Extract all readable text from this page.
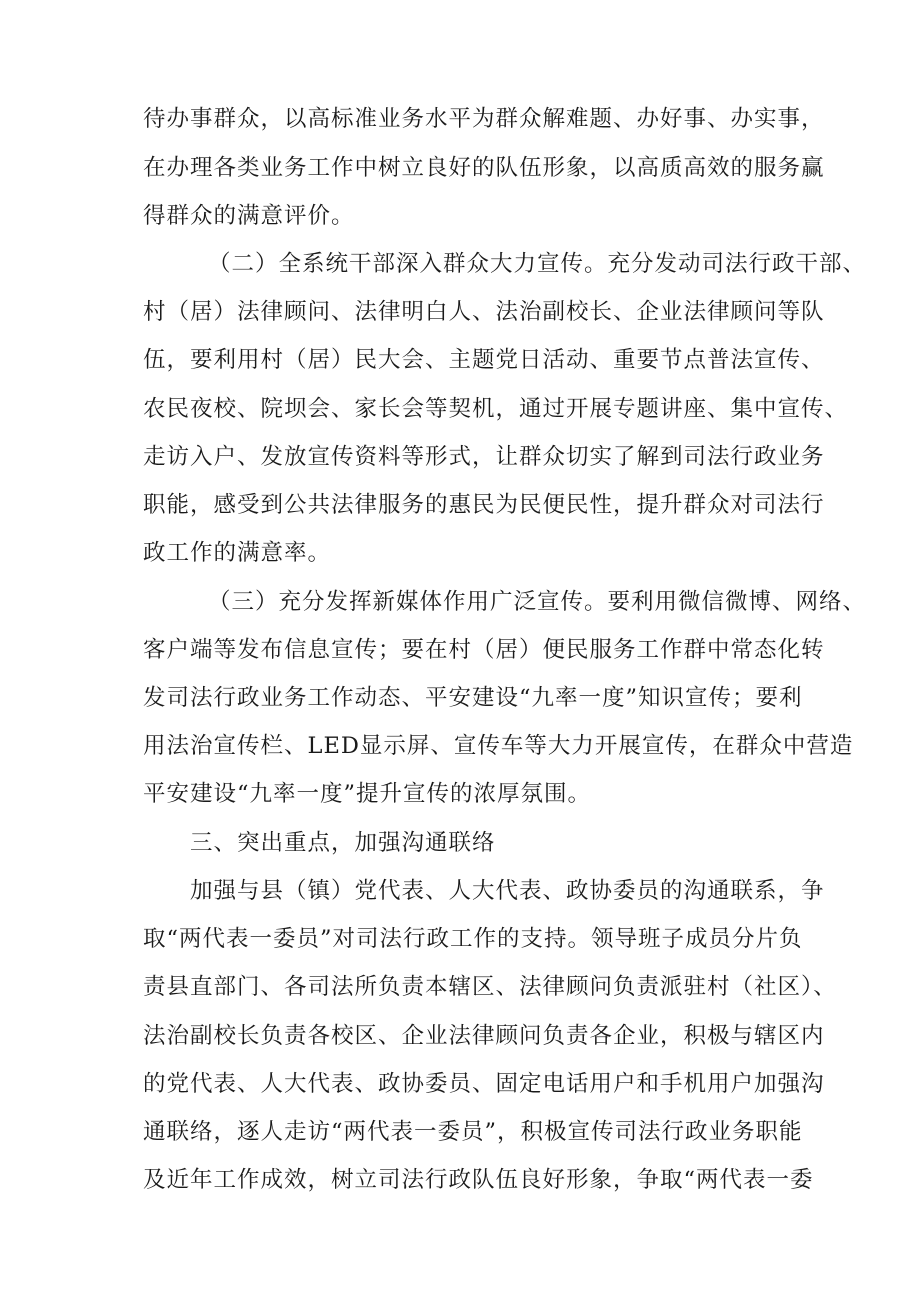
待办事群众，以高标准业务水平为群众解难题、办好事、办实事，
在办理各类业务工作中树立良好的队伍形象，以高质高效的服务赢
得群众的满意评价。
（二）全系统干部深入群众大力宣传。充分发动司法行政干部、
村（居）法律顾问、法律明白人、法治副校长、企业法律顾问等队
伍，要利用村（居）民大会、主题党日活动、重要节点普法宣传、
农民夜校、院坝会、家长会等契机，通过开展专题讲座、集中宣传、
走访入户、发放宣传资料等形式，让群众切实了解到司法行政业务
职能，感受到公共法律服务的惠民为民便民性，提升群众对司法行
政工作的满意率。
（三）充分发挥新媒体作用广泛宣传。要利用微信微博、网络、
客户端等发布信息宣传；要在村（居）便民服务工作群中常态化转
发司法行政业务工作动态、平安建设“九率一度”知识宣传；要利
用法治宣传栏、LED显示屏、宣传车等大力开展宣传，在群众中营造
平安建设“九率一度”提升宣传的浓厚氛围。
三、突出重点，加强沟通联络
加强与县（镇）党代表、人大代表、政协委员的沟通联系，争
取“两代表一委员”对司法行政工作的支持。领导班子成员分片负
责县直部门、各司法所负责本辖区、法律顾问负责派驻村（社区）、
法治副校长负责各校区、企业法律顾问负责各企业，积极与辖区内
的党代表、人大代表、政协委员、固定电话用户和手机用户加强沟
通联络，逐人走访“两代表一委员”，积极宣传司法行政业务职能
及近年工作成效，树立司法行政队伍良好形象，争取“两代表一委
